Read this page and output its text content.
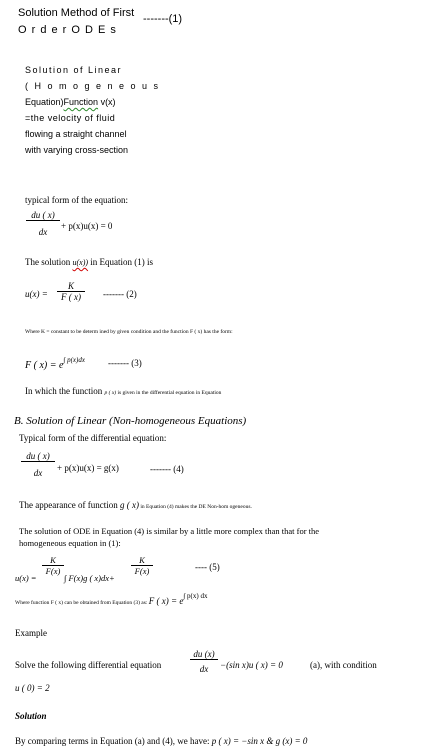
Solution Method of First -------(1)
O r d e r O D E s
Solution of Linear
( H o m o g e n e o u s
Equation)Function v(x)
=the velocity of fluid
flowing a straight channel
with varying cross-section
typical form of the equation:
$\frac{du ( x)}{dx} + p(x)u(x) = 0$
The solution u(x)) in Equation (1) is
$u(x) = \frac{K}{F ( x)}$ ------- (2)
Where K = constant to be determ ined by given condition and the function F ( x) has the form:
F ( $x) = e^{\int p(x)dx}$	------- (3)
In which the function p ( x) is given in the differential equation in Equation
B. Solution of Linear (Non-homogeneous Equations)
Typical form of the differential equation:
$\frac{du ( x)}{dx} + p(x)u(x) = g(x)$	------- (4)
The appearance of function g ( x) in Equation (4) makes the DE Non-hom ogeneous.
The solution of ODE in Equation (4) is similar by a little more complex than that for the
homogeneous equation in (1):
u(x) =
$\frac{K}{F(x)}$
∫ F(x)g ( x)dx+
$\frac{K}{F(x)}$	---- (5)
Where function F ( x) can be obtained from Equation (3) as: F ( $x) = e^{\int p(x) dx}$
Example
Solve the following differential equation	$\frac{du (x)}{dx} -(\sin$ x)u ( x) = 0	(a), with condition
u ( 0) = 2
Solution
By comparing terms in Equation (a) and (4), we have: p ( x) = −sin x & g (x) = 0
